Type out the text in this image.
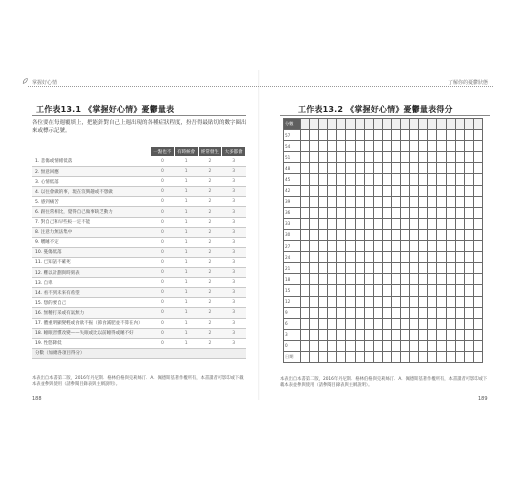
掌握好心情	了解你的憂鬱狀態
工作表13.1 《掌握好心情》憂鬱量表
各位要在每週覆填上，把能針對自己上週出現的各種症狀程度，扮吾得最貼切的數字圈出來或標示記號。
	一點也不	有時候會	經常發生	大多都會
1. 悲傷或情緒低落	0	1	2	3
2. 無意回應	0	1	2	3
3. 心情低落	0	1	2	3
4. 以往會做的事，現在沒興趣或不想做	0	1	2	3
5. 感到痛苦	0	1	2	3
6. 跟往常相比，覺得自己做事缺乏動力	0	1	2	3
7. 對自己和早些較一定不能	0	1	2	3
8. 注意力無法集中	0	1	2	3
9. 嚼睡不定	0	1	2	3
10. 憂傷低落	0	1	2	3
11. 已知話不確死	0	1	2	3
12. 難以計劃與時刻表	0	1	2	3
13. 自卑	0	1	2	3
14. 看不到未來有希望	0	1	2	3
15. 想的要自己	0	1	2	3
16. 無精打采或有氣無力	0	1	2	3
17. 體重明顯變輕或食欲不振（節食減肥並不算在內）	0	1	2	3
18. 睡眠習慣改變——失眠或比以前睡得或睡不好	0	1	2	3
19. 性慾降低	0	1	2	3
分數（加總各項目得分）				
本表出自本書第二版，2016年丹尼斯．格林伯格與克莉絲汀．A．佩德斯基著作權所有，本書讀者可影印或下載本表並參與使用（請參閱目錄表與主網說明）。
188
工作表13.2 《掌握好心情》憂鬱量表得分
分數																				
57																				
54																				
51																				
48																				
45																				
42																				
39																				
36																				
33																				
30																				
27																				
24																				
21																				
18																				
15																				
12																				
9																				
6																				
3																				
0																				
日期																				
本表出自本書第二版，2016年丹尼斯．格林伯格與克莉絲汀．A．佩德斯基著作權所有，本書讀者可影印或下載本表並參與使用（請參閱目錄表與主網說明）。
189
